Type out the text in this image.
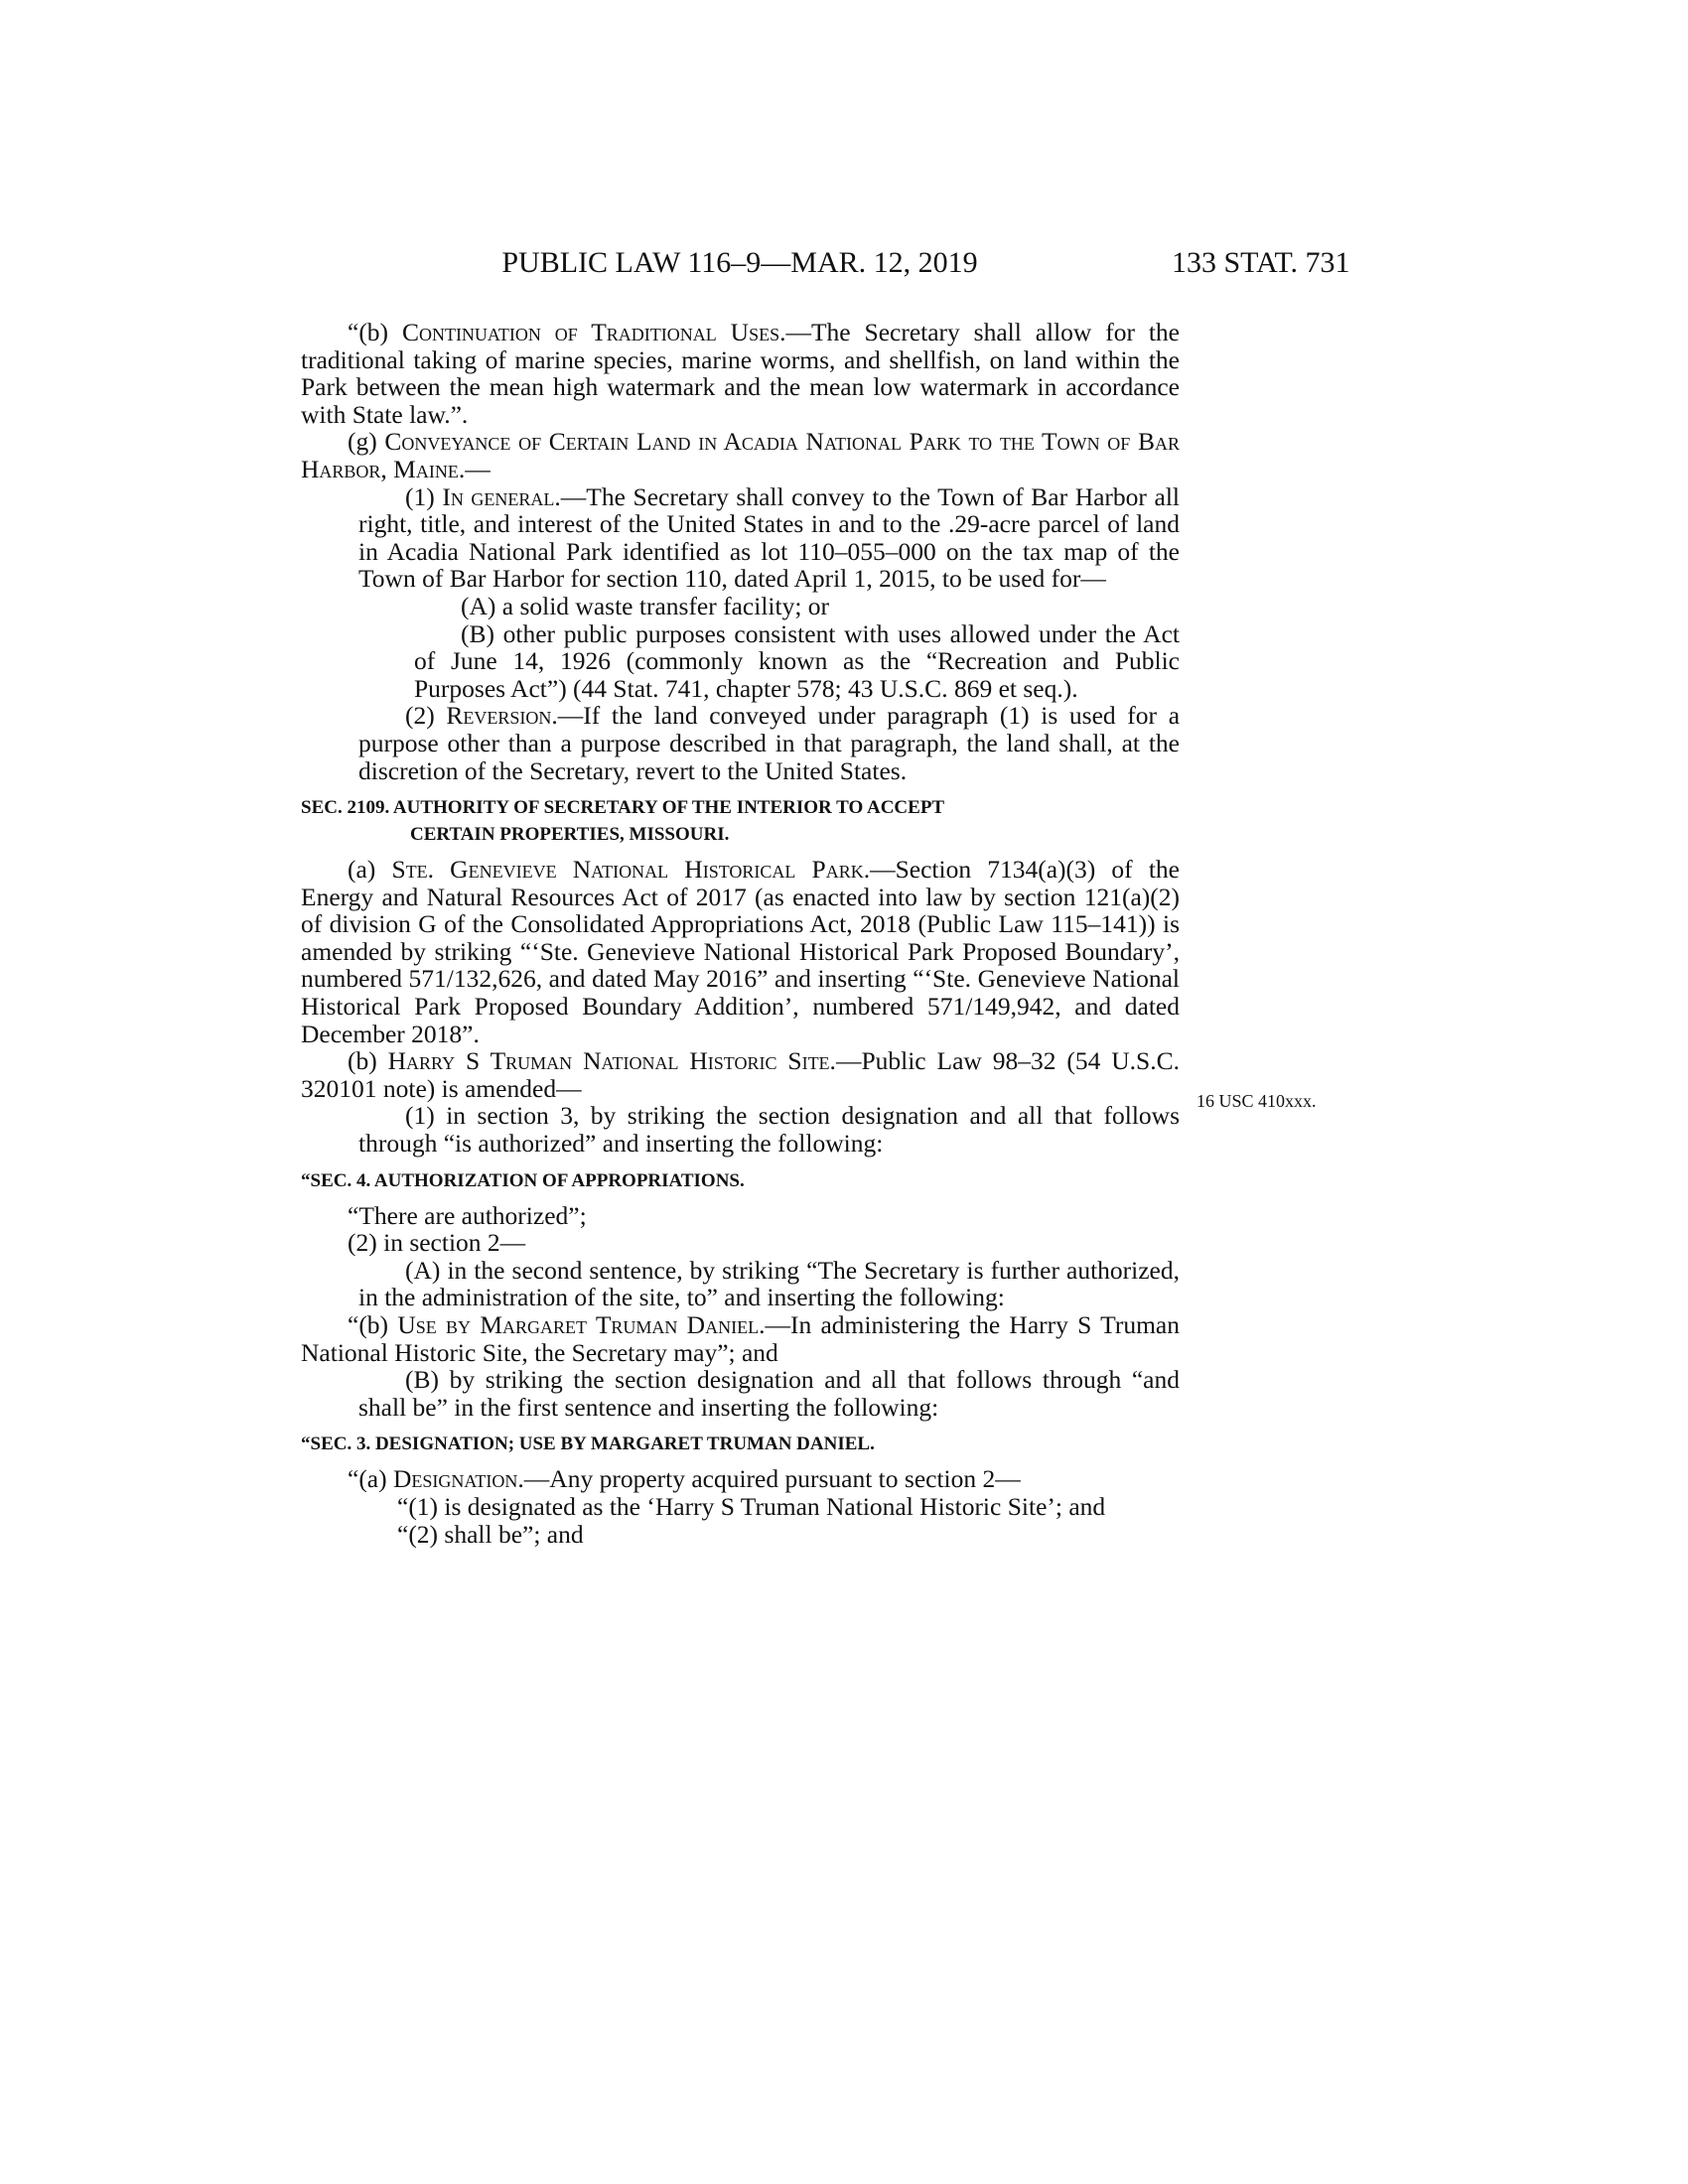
PUBLIC LAW 116–9—MAR. 12, 2019	133 STAT. 731
16 USC 410xxx.
“(b) Continuation of Traditional Uses.—The Secretary shall allow for the traditional taking of marine species, marine worms, and shellfish, on land within the Park between the mean high watermark and the mean low watermark in accordance with State law.”.
(g) Conveyance of Certain Land in Acadia National Park to the Town of Bar Harbor, Maine.—
(1) In general.—The Secretary shall convey to the Town of Bar Harbor all right, title, and interest of the United States in and to the .29-acre parcel of land in Acadia National Park identified as lot 110–055–000 on the tax map of the Town of Bar Harbor for section 110, dated April 1, 2015, to be used for—
(A) a solid waste transfer facility; or
(B) other public purposes consistent with uses allowed under the Act of June 14, 1926 (commonly known as the “Recreation and Public Purposes Act”) (44 Stat. 741, chapter 578; 43 U.S.C. 869 et seq.).
(2) Reversion.—If the land conveyed under paragraph (1) is used for a purpose other than a purpose described in that paragraph, the land shall, at the discretion of the Secretary, revert to the United States.
SEC. 2109. AUTHORITY OF SECRETARY OF THE INTERIOR TO ACCEPT
CERTAIN PROPERTIES, MISSOURI.
(a) Ste. Genevieve National Historical Park.—Section 7134(a)(3) of the Energy and Natural Resources Act of 2017 (as enacted into law by section 121(a)(2) of division G of the Consolidated Appropriations Act, 2018 (Public Law 115–141)) is amended by striking “‘Ste. Genevieve National Historical Park Proposed Boundary’, numbered 571/132,626, and dated May 2016” and inserting “‘Ste. Genevieve National Historical Park Proposed Boundary Addition’, numbered 571/149,942, and dated December 2018”.
(b) Harry S Truman National Historic Site.—Public Law 98–32 (54 U.S.C. 320101 note) is amended—
(1) in section 3, by striking the section designation and all that follows through “is authorized” and inserting the following:
“SEC. 4. AUTHORIZATION OF APPROPRIATIONS.
“There are authorized”;
(2) in section 2—
(A) in the second sentence, by striking “The Secretary is further authorized, in the administration of the site, to” and inserting the following:
“(b) Use by Margaret Truman Daniel.—In administering the Harry S Truman National Historic Site, the Secretary may”; and
(B) by striking the section designation and all that follows through “and shall be” in the first sentence and inserting the following:
“SEC. 3. DESIGNATION; USE BY MARGARET TRUMAN DANIEL.
“(a) Designation.—Any property acquired pursuant to section 2—
“(1) is designated as the ‘Harry S Truman National Historic Site’; and
“(2) shall be”; and
